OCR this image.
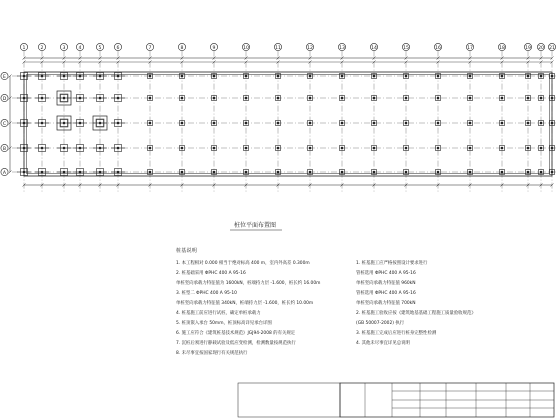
1	2	3	4	5	6	7	8	9	10	11	12	13	14	15	16	17	18	19 20 21
A
B
C
D
E
桩位平面布置图
桩基说明
1. 本工程相对 0.000 相当于绝对标高 400 m，室内外高差 0.300m
2. 桩基础采用 ΦPHC 400 A 95-16
单桩竖向承载力特征值为 1600kN，桩端持力层 -1.600，桩长约 16.00m
3. 桩型二 ΦPHC 400 A 95-10
单桩竖向承载力特征值 340kN，桩端持力层 -1.600，桩长约 10.00m
4. 桩基施工前应进行试桩，确定单桩承载力
5. 桩顶嵌入承台 50mm，桩顶标高详见承台详图
6. 施工应符合《建筑桩基技术规范》JGJ94-2008 的有关规定
7. 沉桩后须进行静载试验及低应变检测，检测数量按规范执行
8. 未尽事宜按国家现行有关规范执行
1. 桩基施工应严格按照设计要求进行
管桩选用 ΦPHC 400 A 95-16
单桩竖向承载力特征值 960kN
管桩选用 ΦPHC 400 A 95-16
单桩竖向承载力特征值 700kN
2. 桩基施工验收应按《建筑地基基础工程施工质量验收规范》
(GB 50007-2002) 执行
3. 桩基施工完成后应进行桩身完整性检测
4. 其他未尽事宜详见总说明
